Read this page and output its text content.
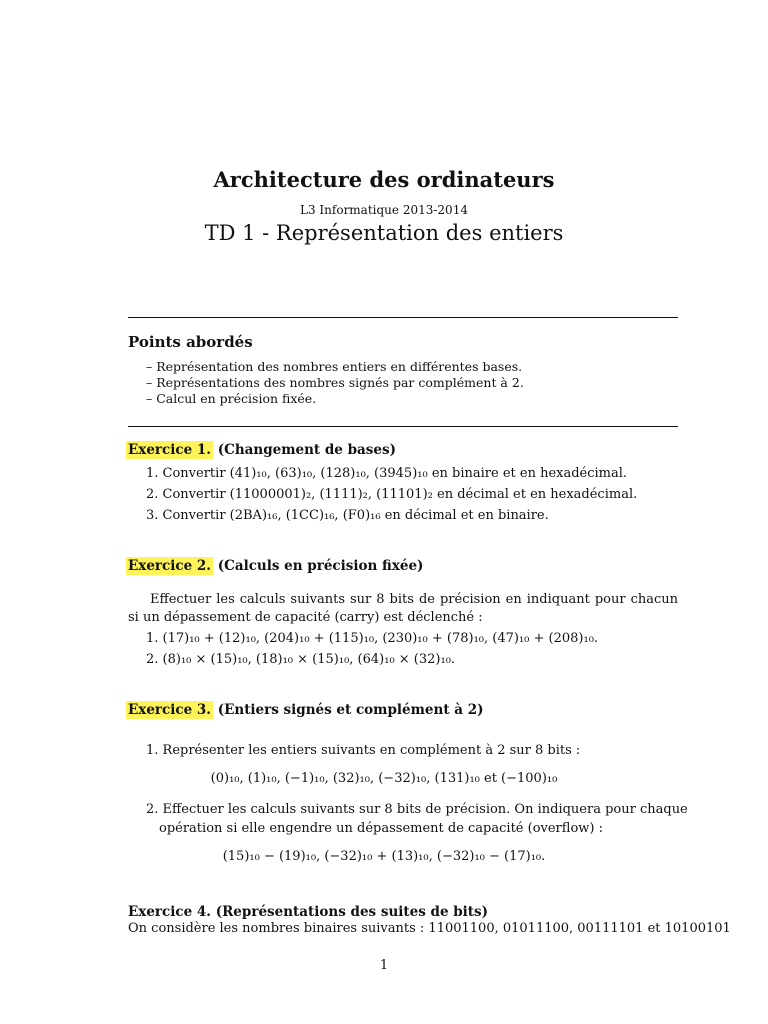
Architecture des ordinateurs
L3 Informatique 2013-2014
TD 1 - Représentation des entiers
Points abordés
– Représentation des nombres entiers en différentes bases.
– Représentations des nombres signés par complément à 2.
– Calcul en précision fixée.
Exercice 1. (Changement de bases)
1. Convertir (41)₁₀, (63)₁₀, (128)₁₀, (3945)₁₀ en binaire et en hexadécimal.
2. Convertir (11000001)₂, (1111)₂, (11101)₂ en décimal et en hexadécimal.
3. Convertir (2BA)₁₆, (1CC)₁₆, (F0)₁₆ en décimal et en binaire.
Exercice 2. (Calculs en précision fixée)
Effectuer les calculs suivants sur 8 bits de précision en indiquant pour chacun si un dépassement de capacité (carry) est déclenché :
1. (17)₁₀ + (12)₁₀, (204)₁₀ + (115)₁₀, (230)₁₀ + (78)₁₀, (47)₁₀ + (208)₁₀.
2. (8)₁₀ × (15)₁₀, (18)₁₀ × (15)₁₀, (64)₁₀ × (32)₁₀.
Exercice 3. (Entiers signés et complément à 2)
1. Représenter les entiers suivants en complément à 2 sur 8 bits :
(0)₁₀, (1)₁₀, (−1)₁₀, (32)₁₀, (−32)₁₀, (131)₁₀ et (−100)₁₀
2. Effectuer les calculs suivants sur 8 bits de précision. On indiquera pour chaque
opération si elle engendre un dépassement de capacité (overflow) :
(15)₁₀ − (19)₁₀, (−32)₁₀ + (13)₁₀, (−32)₁₀ − (17)₁₀.
Exercice 4. (Représentations des suites de bits)
On considère les nombres binaires suivants : 11001100, 01011100, 00111101 et 10100101
1
